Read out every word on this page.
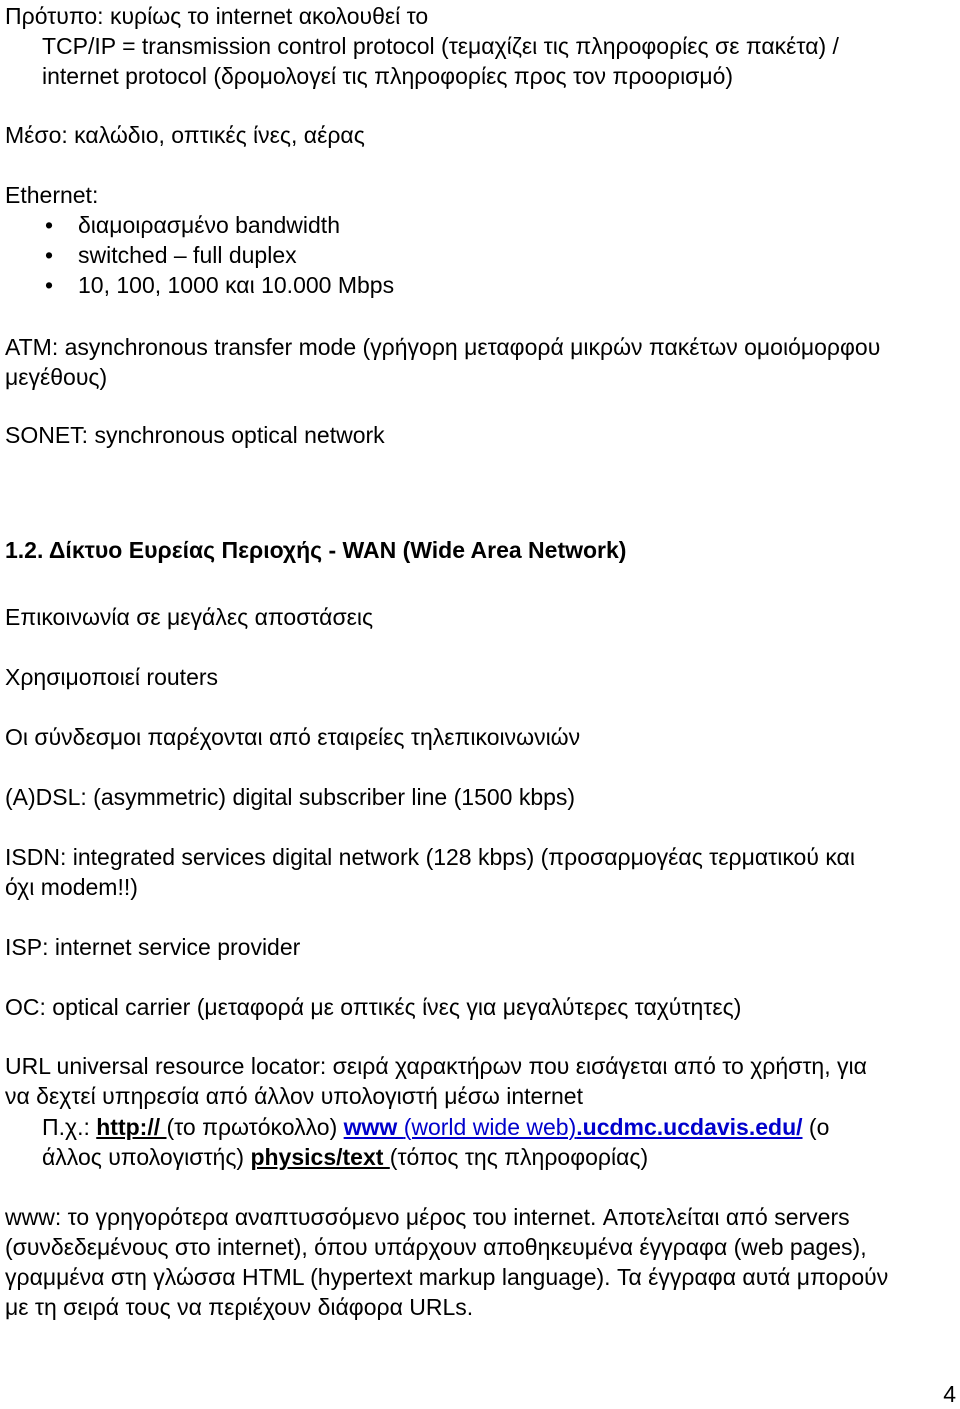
Πρότυπο: κυρίως το internet ακολουθεί το
TCP/IP = transmission control protocol (τεμαχίζει τις πληροφορίες σε πακέτα) /
internet protocol (δρομολογεί τις πληροφορίες προς τον προορισμό)
Μέσο: καλώδιο, οπτικές ίνες, αέρας
Ethernet:
• διαμοιρασμένο bandwidth
• switched – full duplex
• 10, 100, 1000 και 10.000 Mbps
ATM: asynchronous transfer mode (γρήγορη μεταφορά μικρών πακέτων ομοιόμορφου
μεγέθους)
SONET: synchronous optical network
1.2. Δίκτυο Ευρείας Περιοχής - WAN (Wide Area Network)
Επικοινωνία σε μεγάλες αποστάσεις
Χρησιμοποιεί routers
Οι σύνδεσμοι παρέχονται από εταιρείες τηλεπικοινωνιών
(A)DSL: (asymmetric) digital subscriber line (1500 kbps)
ISDN: integrated services digital network (128 kbps) (προσαρμογέας τερματικού και
όχι modem!!)
ISP: internet service provider
OC: optical carrier (μεταφορά με οπτικές ίνες για μεγαλύτερες ταχύτητες)
URL universal resource locator: σειρά χαρακτήρων που εισάγεται από το χρήστη, για
να δεχτεί υπηρεσία από άλλον υπολογιστή μέσω internet
Π.χ.: http:// (το πρωτόκολλο) www (world wide web).ucdmc.ucdavis.edu/ (ο
άλλος υπολογιστής) physics/text (τόπος της πληροφορίας)
www: το γρηγορότερα αναπτυσσόμενο μέρος του internet. Αποτελείται από servers
(συνδεδεμένους στο internet), όπου υπάρχουν αποθηκευμένα έγγραφα (web pages),
γραμμένα στη γλώσσα HTML (hypertext markup language). Τα έγγραφα αυτά μπορούν
με τη σειρά τους να περιέχουν διάφορα URLs.
4
